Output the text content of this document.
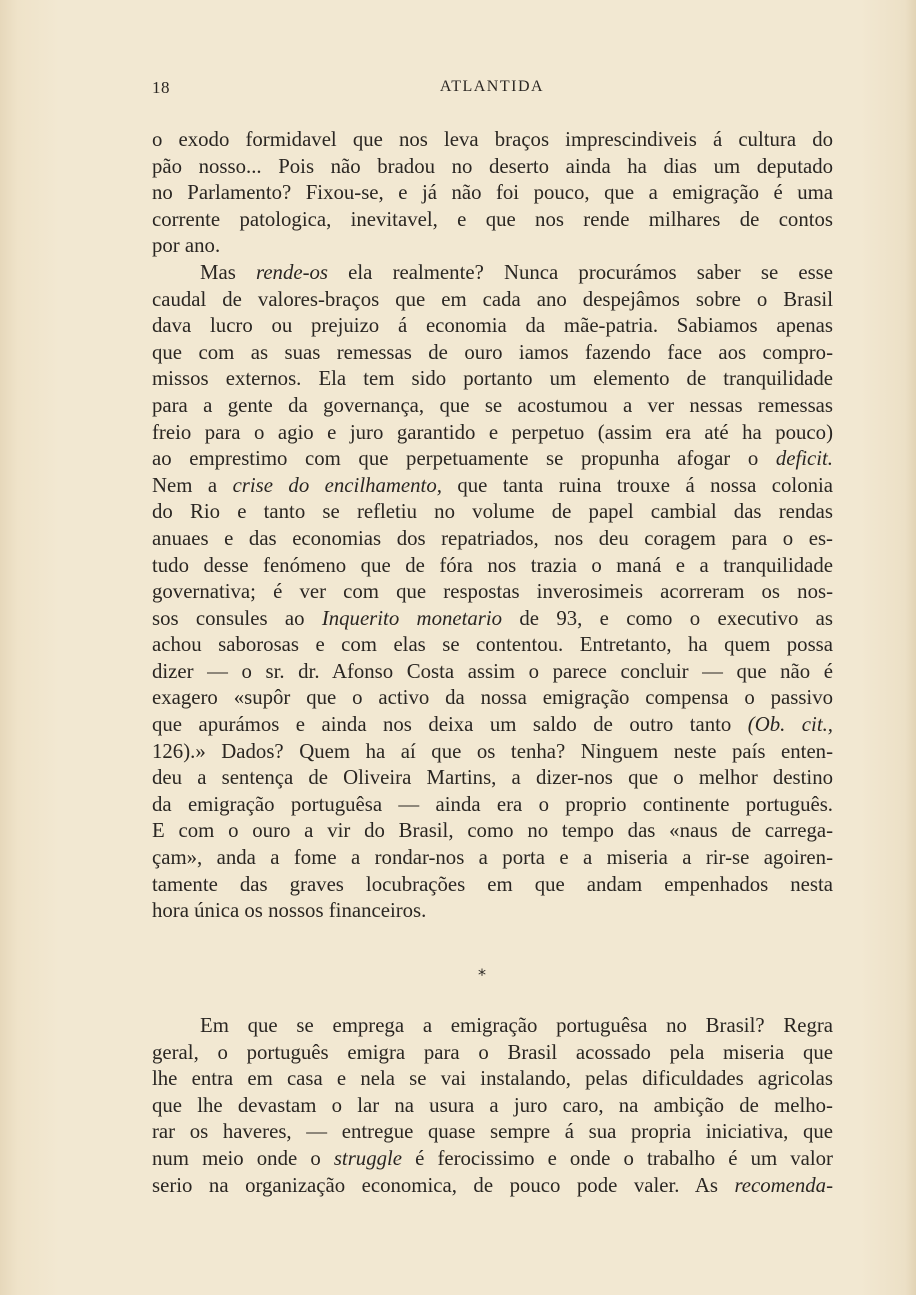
18	ATLANTIDA
o exodo formidavel que nos leva braços imprescindiveis á cultura do
pão nosso... Pois não bradou no deserto ainda ha dias um deputado
no Parlamento? Fixou-se, e já não foi pouco, que a emigração é uma
corrente patologica, inevitavel, e que nos rende milhares de contos
por ano.
Mas rende-os ela realmente? Nunca procurámos saber se esse
caudal de valores-braços que em cada ano despejâmos sobre o Brasil
dava lucro ou prejuizo á economia da mãe-patria. Sabiamos apenas
que com as suas remessas de ouro iamos fazendo face aos compro-
missos externos. Ela tem sido portanto um elemento de tranquilidade
para a gente da governança, que se acostumou a ver nessas remessas
freio para o agio e juro garantido e perpetuo (assim era até ha pouco)
ao emprestimo com que perpetuamente se propunha afogar o deficit.
Nem a crise do encilhamento, que tanta ruina trouxe á nossa colonia
do Rio e tanto se refletiu no volume de papel cambial das rendas
anuaes e das economias dos repatriados, nos deu coragem para o es-
tudo desse fenómeno que de fóra nos trazia o maná e a tranquilidade
governativa; é ver com que respostas inverosimeis acorreram os nos-
sos consules ao Inquerito monetario de 93, e como o executivo as
achou saborosas e com elas se contentou. Entretanto, ha quem possa
dizer — o sr. dr. Afonso Costa assim o parece concluir — que não é
exagero «supôr que o activo da nossa emigração compensa o passivo
que apurámos e ainda nos deixa um saldo de outro tanto (Ob. cit.,
126).» Dados? Quem ha aí que os tenha? Ninguem neste país enten-
deu a sentença de Oliveira Martins, a dizer-nos que o melhor destino
da emigração portuguêsa — ainda era o proprio continente português.
E com o ouro a vir do Brasil, como no tempo das «naus de carrega-
çam», anda a fome a rondar-nos a porta e a miseria a rir-se agoiren-
tamente das graves locubrações em que andam empenhados nesta
hora única os nossos financeiros.
*
Em que se emprega a emigração portuguêsa no Brasil? Regra
geral, o português emigra para o Brasil acossado pela miseria que
lhe entra em casa e nela se vai instalando, pelas dificuldades agricolas
que lhe devastam o lar na usura a juro caro, na ambição de melho-
rar os haveres, — entregue quase sempre á sua propria iniciativa, que
num meio onde o struggle é ferocissimo e onde o trabalho é um valor
serio na organização economica, de pouco pode valer. As recomenda-
